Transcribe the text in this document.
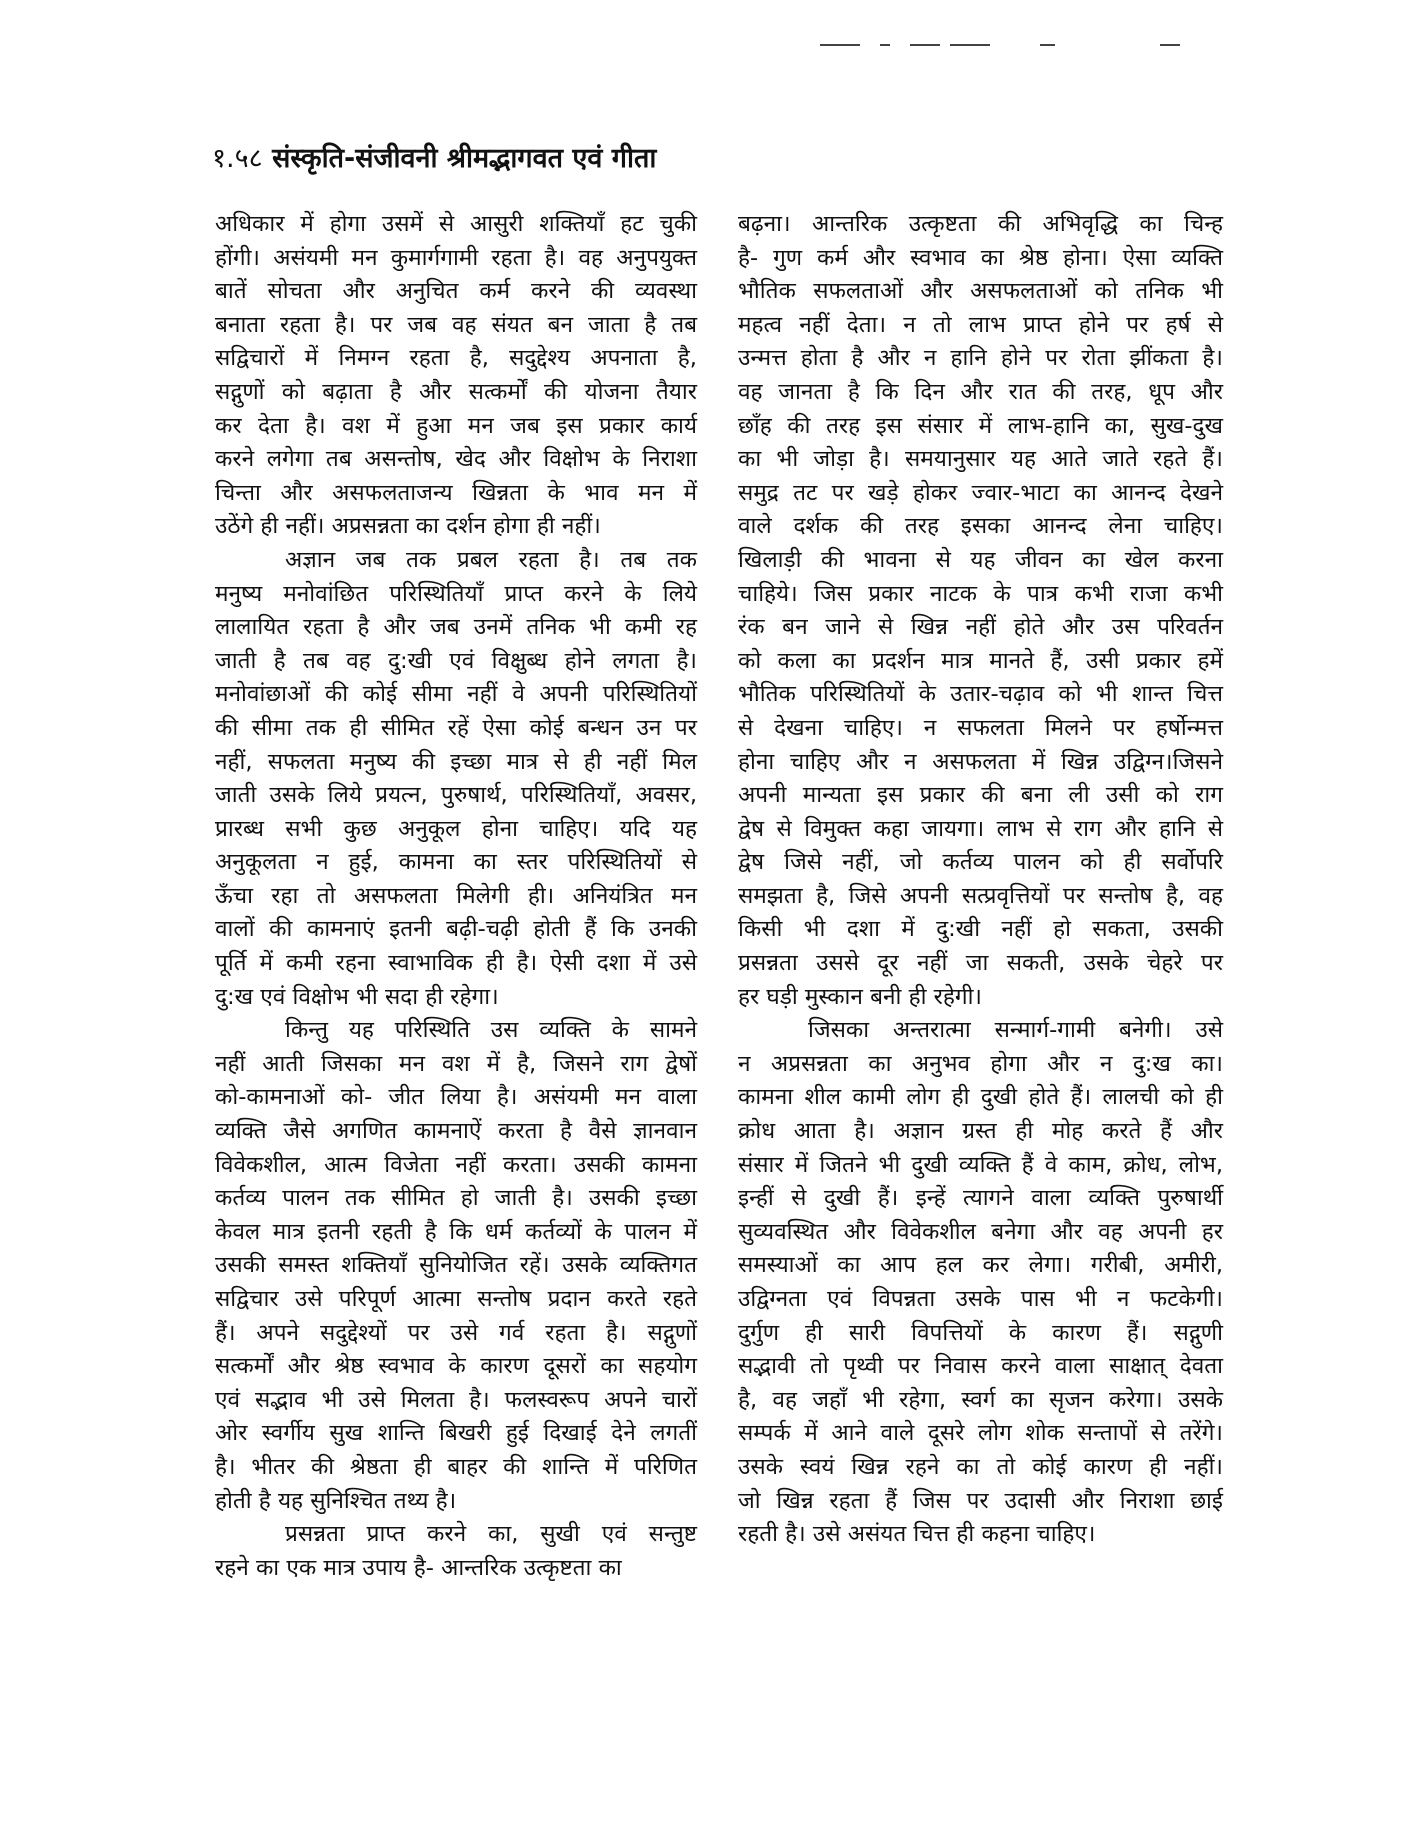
१.५८ संस्कृति-संजीवनी श्रीमद्भागवत एवं गीता
अधिकार में होगा उसमें से आसुरी शक्तियाँ हट चुकी
होंगी। असंयमी मन कुमार्गगामी रहता है। वह अनुपयुक्त
बातें सोचता और अनुचित कर्म करने की व्यवस्था
बनाता रहता है। पर जब वह संयत बन जाता है तब
सद्विचारों में निमग्न रहता है, सदुद्देश्य अपनाता है,
सद्गुणों को बढ़ाता है और सत्कर्मों की योजना तैयार
कर देता है। वश में हुआ मन जब इस प्रकार कार्य
करने लगेगा तब असन्तोष, खेद और विक्षोभ के निराशा
चिन्ता और असफलताजन्य खिन्नता के भाव मन में
उठेंगे ही नहीं। अप्रसन्नता का दर्शन होगा ही नहीं।
अज्ञान जब तक प्रबल रहता है। तब तक
मनुष्य मनोवांछित परिस्थितियाँ प्राप्त करने के लिये
लालायित रहता है और जब उनमें तनिक भी कमी रह
जाती है तब वह दु:खी एवं विक्षुब्ध होने लगता है।
मनोवांछाओं की कोई सीमा नहीं वे अपनी परिस्थितियों
की सीमा तक ही सीमित रहें ऐसा कोई बन्धन उन पर
नहीं, सफलता मनुष्य की इच्छा मात्र से ही नहीं मिल
जाती उसके लिये प्रयत्न, पुरुषार्थ, परिस्थितियाँ, अवसर,
प्रारब्ध सभी कुछ अनुकूल होना चाहिए। यदि यह
अनुकूलता न हुई, कामना का स्तर परिस्थितियों से
ऊँचा रहा तो असफलता मिलेगी ही। अनियंत्रित मन
वालों की कामनाएं इतनी बढ़ी-चढ़ी होती हैं कि उनकी
पूर्ति में कमी रहना स्वाभाविक ही है। ऐसी दशा में उसे
दु:ख एवं विक्षोभ भी सदा ही रहेगा।
किन्तु यह परिस्थिति उस व्यक्ति के सामने
नहीं आती जिसका मन वश में है, जिसने राग द्वेषों
को-कामनाओं को- जीत लिया है। असंयमी मन वाला
व्यक्ति जैसे अगणित कामनाऐं करता है वैसे ज्ञानवान
विवेकशील, आत्म विजेता नहीं करता। उसकी कामना
कर्तव्य पालन तक सीमित हो जाती है। उसकी इच्छा
केवल मात्र इतनी रहती है कि धर्म कर्तव्यों के पालन में
उसकी समस्त शक्तियाँ सुनियोजित रहें। उसके व्यक्तिगत
सद्विचार उसे परिपूर्ण आत्मा सन्तोष प्रदान करते रहते
हैं। अपने सदुद्देश्यों पर उसे गर्व रहता है। सद्गुणों
सत्कर्मों और श्रेष्ठ स्वभाव के कारण दूसरों का सहयोग
एवं सद्भाव भी उसे मिलता है। फलस्वरूप अपने चारों
ओर स्वर्गीय सुख शान्ति बिखरी हुई दिखाई देने लगतीं
है। भीतर की श्रेष्ठता ही बाहर की शान्ति में परिणित
होती है यह सुनिश्चित तथ्य है।
प्रसन्नता प्राप्त करने का, सुखी एवं सन्तुष्ट
रहने का एक मात्र उपाय है- आन्तरिक उत्कृष्टता का
बढ़ना। आन्तरिक उत्कृष्टता की अभिवृद्धि का चिन्ह
है- गुण कर्म और स्वभाव का श्रेष्ठ होना। ऐसा व्यक्ति
भौतिक सफलताओं और असफलताओं को तनिक भी
महत्व नहीं देता। न तो लाभ प्राप्त होने पर हर्ष से
उन्मत्त होता है और न हानि होने पर रोता झींकता है।
वह जानता है कि दिन और रात की तरह, धूप और
छाँह की तरह इस संसार में लाभ-हानि का, सुख-दुख
का भी जोड़ा है। समयानुसार यह आते जाते रहते हैं।
समुद्र तट पर खड़े होकर ज्वार-भाटा का आनन्द देखने
वाले दर्शक की तरह इसका आनन्द लेना चाहिए।
खिलाड़ी की भावना से यह जीवन का खेल करना
चाहिये। जिस प्रकार नाटक के पात्र कभी राजा कभी
रंक बन जाने से खिन्न नहीं होते और उस परिवर्तन
को कला का प्रदर्शन मात्र मानते हैं, उसी प्रकार हमें
भौतिक परिस्थितियों के उतार-चढ़ाव को भी शान्त चित्त
से देखना चाहिए। न सफलता मिलने पर हर्षोन्मत्त
होना चाहिए और न असफलता में खिन्न उद्विग्न।जिसने
अपनी मान्यता इस प्रकार की बना ली उसी को राग
द्वेष से विमुक्त कहा जायगा। लाभ से राग और हानि से
द्वेष जिसे नहीं, जो कर्तव्य पालन को ही सर्वोपरि
समझता है, जिसे अपनी सत्प्रवृत्तियों पर सन्तोष है, वह
किसी भी दशा में दु:खी नहीं हो सकता, उसकी
प्रसन्नता उससे दूर नहीं जा सकती, उसके चेहरे पर
हर घड़ी मुस्कान बनी ही रहेगी।
जिसका अन्तरात्मा सन्मार्ग-गामी बनेगी। उसे
न अप्रसन्नता का अनुभव होगा और न दु:ख का।
कामना शील कामी लोग ही दुखी होते हैं। लालची को ही
क्रोध आता है। अज्ञान ग्रस्त ही मोह करते हैं और
संसार में जितने भी दुखी व्यक्ति हैं वे काम, क्रोध, लोभ,
इन्हीं से दुखी हैं। इन्हें त्यागने वाला व्यक्ति पुरुषार्थी
सुव्यवस्थित और विवेकशील बनेगा और वह अपनी हर
समस्याओं का आप हल कर लेगा। गरीबी, अमीरी,
उद्विग्नता एवं विपन्नता उसके पास भी न फटकेगी।
दुर्गुण ही सारी विपत्तियों के कारण हैं। सद्गुणी
सद्भावी तो पृथ्वी पर निवास करने वाला साक्षात् देवता
है, वह जहाँ भी रहेगा, स्वर्ग का सृजन करेगा। उसके
सम्पर्क में आने वाले दूसरे लोग शोक सन्तापों से तरेंगे।
उसके स्वयं खिन्न रहने का तो कोई कारण ही नहीं।
जो खिन्न रहता हैं जिस पर उदासी और निराशा छाई
रहती है। उसे असंयत चित्त ही कहना चाहिए।
